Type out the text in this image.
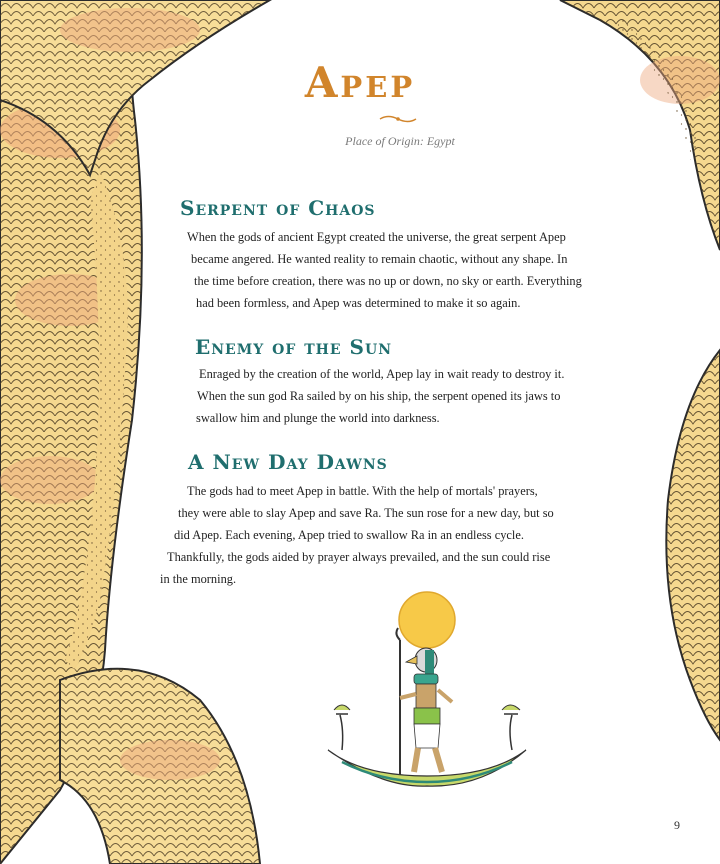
Apep
Place of Origin: Egypt
Serpent of Chaos

When the gods of ancient Egypt created the universe, the great serpent Apep

became angered. He wanted reality to remain chaotic, without any shape. In

the time before creation, there was no up or down, no sky or earth. Everything

had been formless, and Apep was determined to make it so again.

Enemy of the Sun

Enraged by the creation of the world, Apep lay in wait ready to destroy it.

When the sun god Ra sailed by on his ship, the serpent opened its jaws to

swallow him and plunge the world into darkness.

A New Day Dawns

The gods had to meet Apep in battle. With the help of mortals' prayers,

they were able to slay Apep and save Ra. The sun rose for a new day, but so

did Apep. Each evening, Apep tried to swallow Ra in an endless cycle.

Thankfully, the gods aided by prayer always prevailed, and the sun could rise

in the morning.

9
